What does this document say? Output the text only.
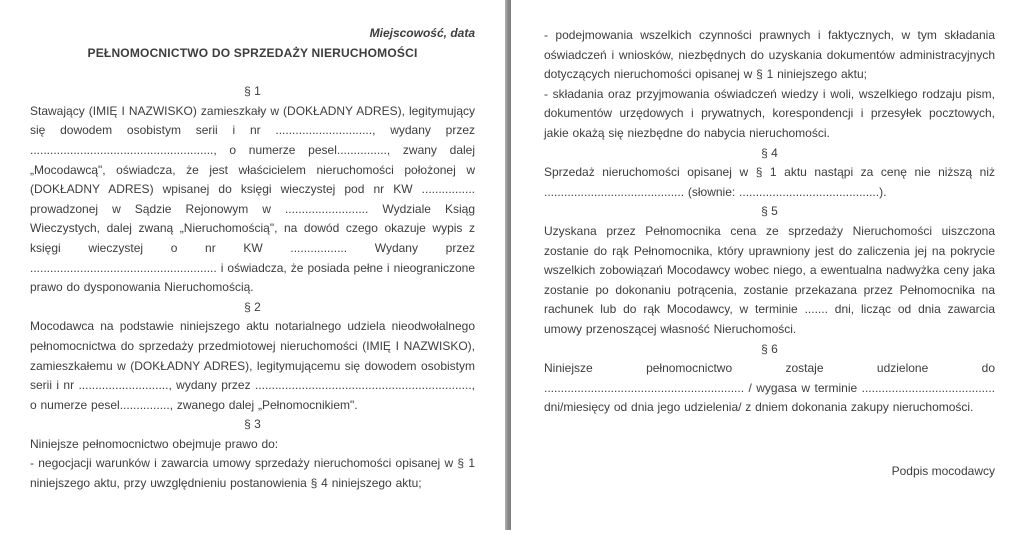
Miejscowość, data

PEŁNOMOCNICTWO DO SPRZEDAŻY NIERUCHOMOŚCI

§ 1

Stawający (IMIĘ I NAZWISKO) zamieszkały w (DOKŁADNY ADRES), legitymujący się dowodem osobistym serii i nr ............................., wydany przez ......................................................., o numerze pesel..............., zwany dalej „Mocodawcą", oświadcza, że jest właścicielem nieruchomości położonej w (DOKŁADNY ADRES) wpisanej do księgi wieczystej pod nr KW ................ prowadzonej w Sądzie Rejonowym w ......................... Wydziale Ksiąg Wieczystych, dalej zwaną „Nieruchomością", na dowód czego okazuje wypis z księgi wieczystej o nr KW ................. Wydany przez ........................................................ i oświadcza, że posiada pełne i nieograniczone prawo do dysponowania Nieruchomością.

§ 2

Mocodawca na podstawie niniejszego aktu notarialnego udziela nieodwołalnego pełnomocnictwa do sprzedaży przedmiotowej nieruchomości (IMIĘ I NAZWISKO), zamieszkałemu w (DOKŁADNY ADRES), legitymującemu się dowodem osobistym serii i nr ..........................., wydany przez ................................................................., o numerze pesel..............., zwanego dalej „Pełnomocnikiem".

§ 3

Niniejsze pełnomocnictwo obejmuje prawo do:

- negocjacji warunków i zawarcia umowy sprzedaży nieruchomości opisanej w § 1 niniejszego aktu, przy uwzględnieniu postanowienia § 4 niniejszego aktu;

- podejmowania wszelkich czynności prawnych i faktycznych, w tym składania oświadczeń i wniosków, niezbędnych do uzyskania dokumentów administracyjnych dotyczących nieruchomości opisanej w § 1 niniejszego aktu;

- składania oraz przyjmowania oświadczeń wiedzy i woli, wszelkiego rodzaju pism, dokumentów urzędowych i prywatnych, korespondencji i przesyłek pocztowych, jakie okażą się niezbędne do nabycia nieruchomości.

§ 4

Sprzedaż nieruchomości opisanej w § 1 aktu nastąpi za cenę nie niższą niż .......................................... (słownie: ..........................................).

§ 5

Uzyskana przez Pełnomocnika cena ze sprzedaży Nieruchomości uiszczona zostanie do rąk Pełnomocnika, który uprawniony jest do zaliczenia jej na pokrycie wszelkich zobowiązań Mocodawcy wobec niego, a ewentualna nadwyżka ceny jaka zostanie po dokonaniu potrącenia, zostanie przekazana przez Pełnomocnika na rachunek lub do rąk Mocodawcy, w terminie ....... dni, licząc od dnia zawarcia umowy przenoszącej własność Nieruchomości.

§ 6

Niniejsze pełnomocnictwo zostaje udzielone do ............................................................ / wygasa w terminie ........................................ dni/miesięcy od dnia jego udzielenia/ z dniem dokonania zakupy nieruchomości.

Podpis mocodawcy
